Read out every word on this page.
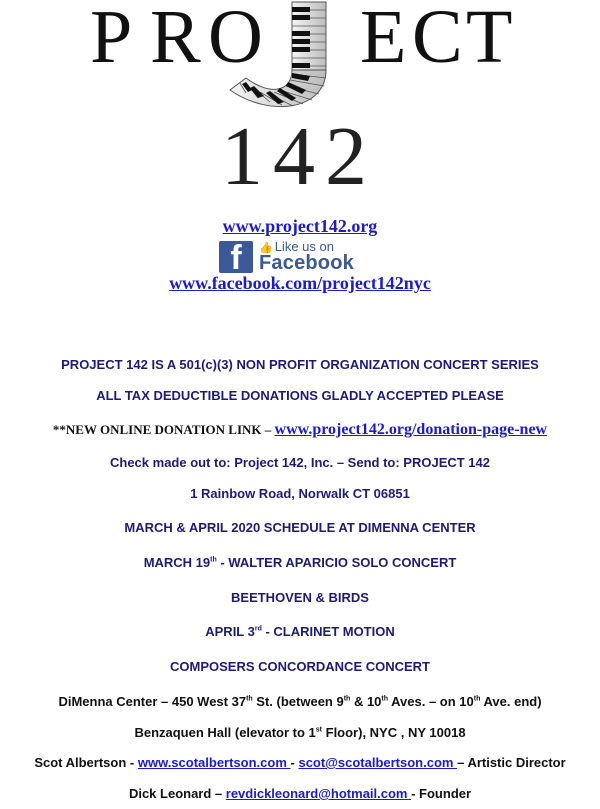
P R O E C T
142
www.project142.org
f	👍 Like us on
Facebook
www.facebook.com/project142nyc
PROJECT 142 IS A 501(c)(3) NON PROFIT ORGANIZATION CONCERT SERIES
ALL TAX DEDUCTIBLE DONATIONS GLADLY ACCEPTED PLEASE
**NEW ONLINE DONATION LINK – www.project142.org/donation-page-new
Check made out to: Project 142, Inc. – Send to: PROJECT 142
1 Rainbow Road, Norwalk CT 06851
MARCH & APRIL 2020 SCHEDULE AT DIMENNA CENTER
MARCH 19th - WALTER APARICIO SOLO CONCERT
BEETHOVEN & BIRDS
APRIL 3rd - CLARINET MOTION
COMPOSERS CONCORDANCE CONCERT
DiMenna Center – 450 West 37th St. (between 9th & 10th Aves. – on 10th Ave. end)
Benzaquen Hall (elevator to 1st Floor), NYC , NY 10018
Scot Albertson - www.scotalbertson.com - scot@scotalbertson.com – Artistic Director
Dick Leonard – revdickleonard@hotmail.com - Founder
